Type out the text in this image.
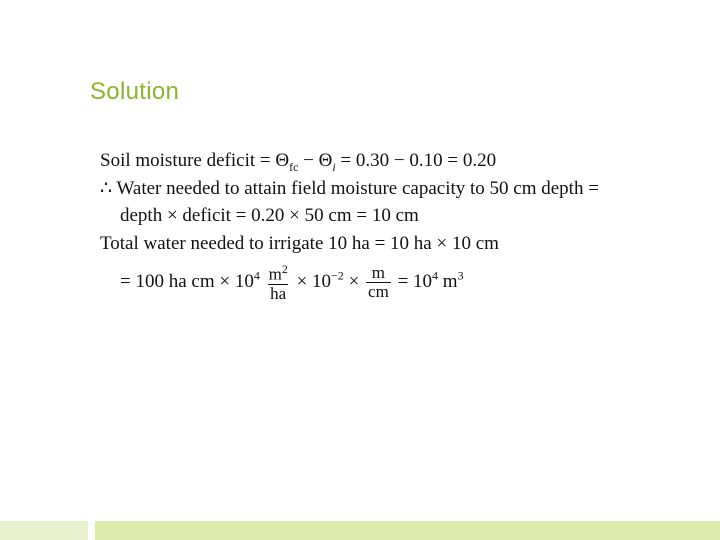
Solution
Soil moisture deficit = $\Theta_{fc} - \Theta_i = 0.30 - 0.10 = 0.20$
∴ Water needed to attain field moisture capacity to 50 cm depth =
depth × deficit = 0.20 × 50 cm = 10 cm
Total water needed to irrigate 10 ha = 10 ha × 10 cm
= 100 ha cm × $10^4 \frac{m^2}{ha} \times 10^{-2} \times \frac{m}{cm} = 10^4$ $m^3$
